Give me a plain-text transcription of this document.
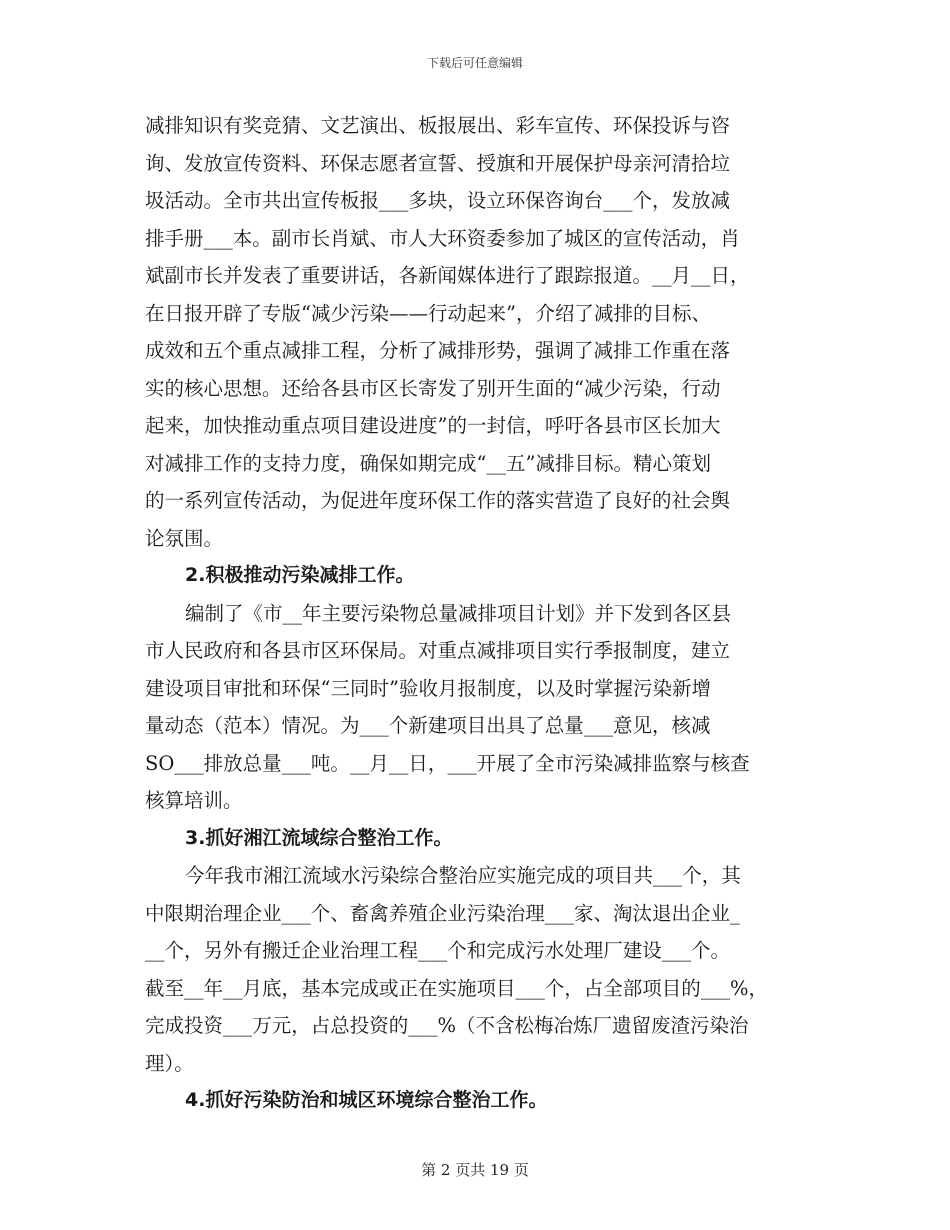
下载后可任意编辑
减排知识有奖竞猜、文艺演出、板报展出、彩车宣传、环保投诉与咨
询、发放宣传资料、环保志愿者宣誓、授旗和开展保护母亲河清拾垃
圾活动。全市共出宣传板报___多块，设立环保咨询台___个，发放减
排手册___本。副市长肖斌、市人大环资委参加了城区的宣传活动，肖
斌副市长并发表了重要讲话，各新闻媒体进行了跟踪报道。__月__日，
在日报开辟了专版“减少污染——行动起来”，介绍了减排的目标、
成效和五个重点减排工程，分析了减排形势，强调了减排工作重在落
实的核心思想。还给各县市区长寄发了别开生面的“减少污染，行动
起来，加快推动重点项目建设进度”的一封信，呼吁各县市区长加大
对减排工作的支持力度，确保如期完成“__五”减排目标。精心策划
的一系列宣传活动，为促进年度环保工作的落实营造了良好的社会舆
论氛围。
2.积极推动污染减排工作。
编制了《市__年主要污染物总量减排项目计划》并下发到各区县
市人民政府和各县市区环保局。对重点减排项目实行季报制度，建立
建设项目审批和环保“三同时”验收月报制度，以及时掌握污染新增
量动态（范本）情况。为___个新建项目出具了总量___意见，核减
SO___排放总量___吨。__月__日，___开展了全市污染减排监察与核查
核算培训。
3.抓好湘江流域综合整治工作。
今年我市湘江流域水污染综合整治应实施完成的项目共___个，其
中限期治理企业___个、畜禽养殖企业污染治理___家、淘汰退出企业_
__个，另外有搬迁企业治理工程___个和完成污水处理厂建设___个。
截至__年__月底，基本完成或正在实施项目___个，占全部项目的___%，
完成投资___万元，占总投资的___%（不含松梅冶炼厂遗留废渣污染治
理）。
4.抓好污染防治和城区环境综合整治工作。
第 2 页共 19 页
